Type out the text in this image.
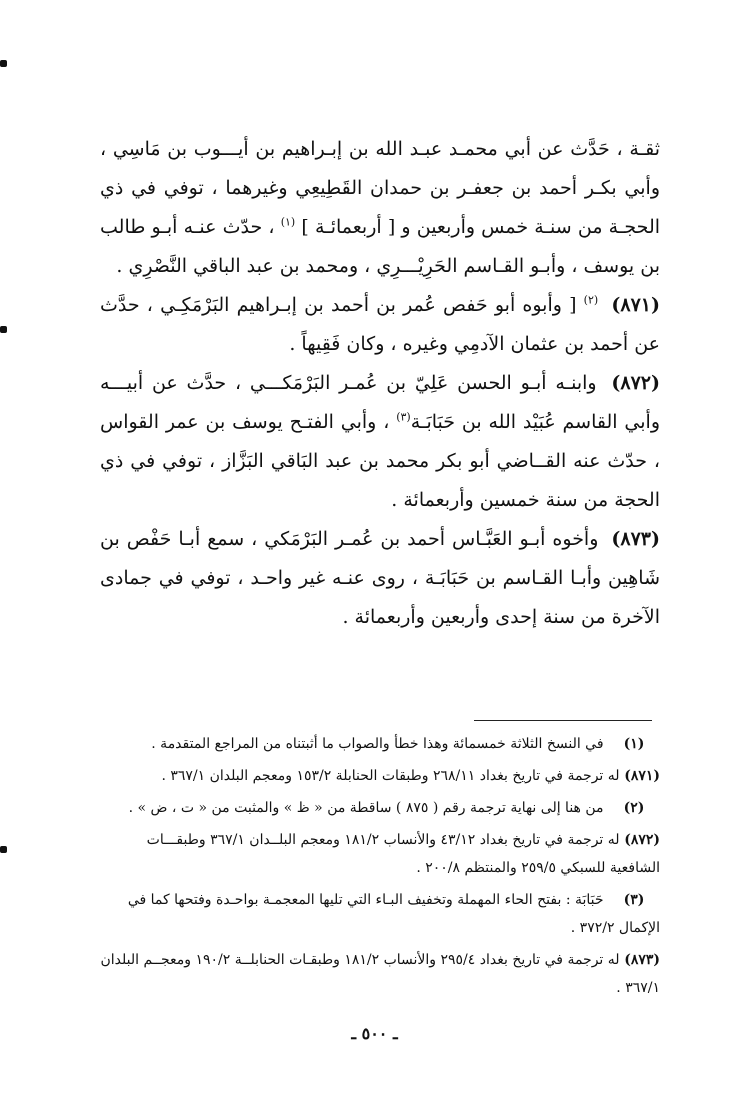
ثقـة ، حَدَّث عن أبي محمـد عبـد الله بن إبـراهيم بن أيـــوب بن مَاسِي ، وأبي بكـر أحمد بن جعفـر بن حمدان القَطِيعِي وغيرهما ، توفي في ذي الحجـة من سنـة خمس وأربعين و [ أربعمائـة ] $^{(١)}$ ، حدّث عنـه أبـو طالب بن يوسف ، وأبـو القـاسم الحَرِيْـــرِي ، ومحمد بن عبد الباقي النَّصْرِي .

(٨٧١) $^{(٢)}$ [ وأبوه أبو حَفص عُمر بن أحمد بن إبـراهيم البَرْمَكِـي ، حدَّث عن أحمد بن عثمان الآدمِي وغيره ، وكان فَقِيهاً .

(٨٧٢) وابنـه أبـو الحسن عَلِيّ بن عُمـر البَرْمَكـــي ، حدَّث عن أبيـــه وأبي القاسم عُبَيْد الله بن حَبَابَـة$^{(٣)}$ ، وأبي الفتـح يوسف بن عمر القواس ، حدّث عنه القــاضي أبو بكر محمد بن عبد البَاقي البَزَّاز ، توفي في ذي الحجة من سنة خمسين وأربعمائة .

(٨٧٣) وأخوه أبـو العَبَّـاس أحمد بن عُمـر البَرْمَكي ، سمع أبـا حَفْص بن شَاهِين وأبـا القـاسم بن حَبَابَـة ، روى عنـه غير واحـد ، توفي في جمادى الآخرة من سنة إحدى وأربعين وأربعمائة .

(١) في النسخ الثلاثة خمسمائة وهذا خطأ والصواب ما أثبتناه من المراجع المتقدمة .

(٨٧١) له ترجمة في تاريخ بغداد ٢٦٨/١١ وطبقات الحنابلة ١٥٣/٢ ومعجم البلدان ٣٦٧/١ .

(٢) من هنا إلى نهاية ترجمة رقم ( ٨٧٥ ) ساقطة من « ظ » والمثبت من « ت ، ض » .

(٨٧٢) له ترجمة في تاريخ بغداد ٤٣/١٢ والأنساب ١٨١/٢ ومعجم البلــدان ٣٦٧/١ وطبقـــات الشافعية للسبكي ٢٥٩/٥ والمنتظم ٢٠٠/٨ .

(٣) حَبَابَة : بفتح الحاء المهملة وتخفيف البـاء التي تليها المعجمـة بواحـدة وفتحها كما في الإكمال ٣٧٢/٢ .

(٨٧٣) له ترجمة في تاريخ بغداد ٢٩٥/٤ والأنساب ١٨١/٢ وطبقـات الحنابلــة ١٩٠/٢ ومعجــم البلدان ٣٦٧/١ .

ـ ٥٠٠ ـ
